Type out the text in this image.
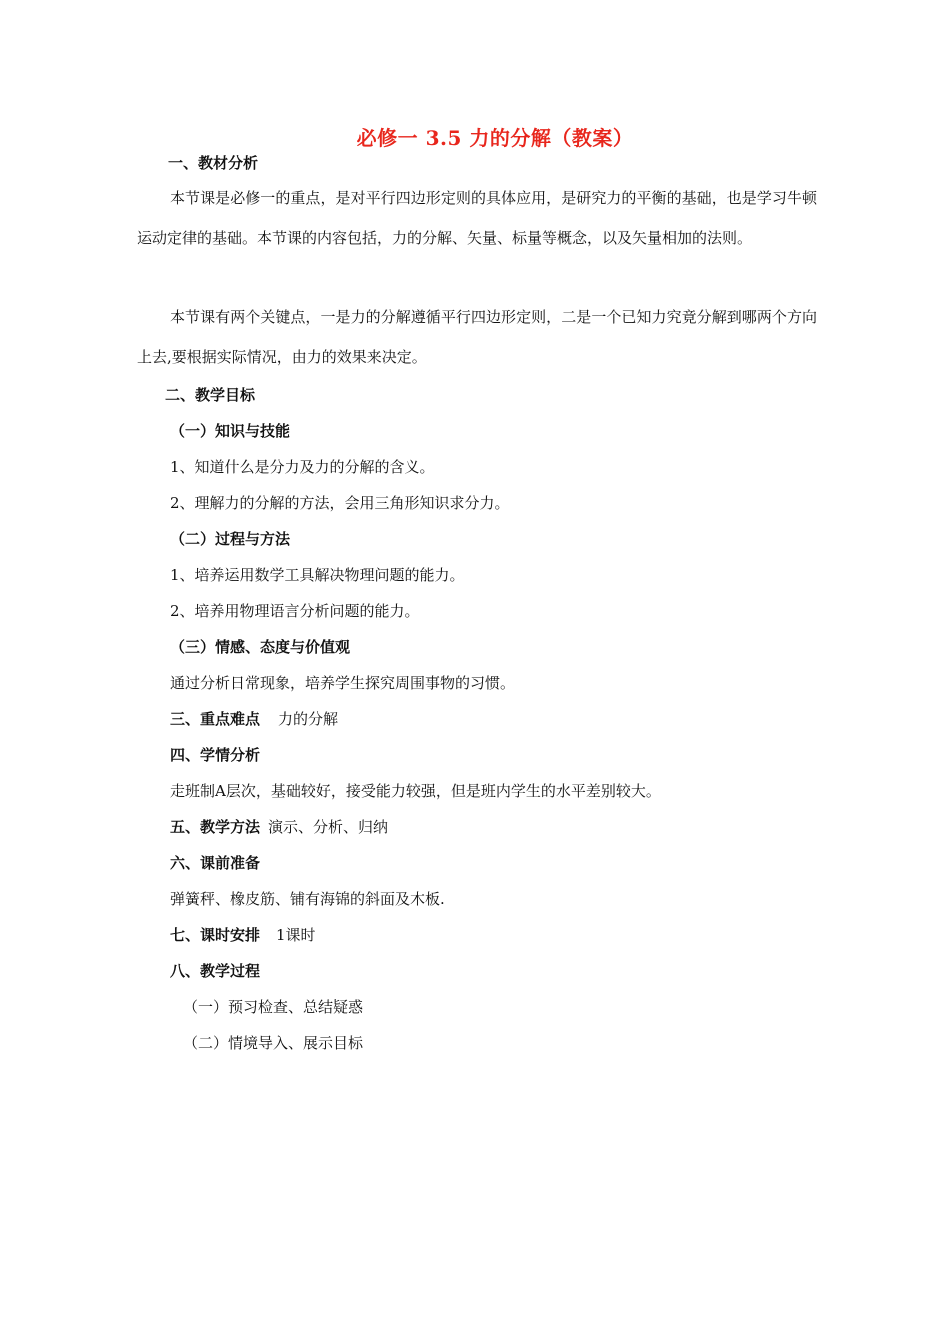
必修一 3.5 力的分解（教案）
一、教材分析
本节课是必修一的重点，是对平行四边形定则的具体应用，是研究力的平衡的基础，也是学习牛顿运动定律的基础。本节课的内容包括，力的分解、矢量、标量等概念，以及矢量相加的法则。
本节课有两个关键点，一是力的分解遵循平行四边形定则，二是一个已知力究竟分解到哪两个方向上去,要根据实际情况，由力的效果来决定。
二、教学目标
（一）知识与技能
1、知道什么是分力及力的分解的含义。
2、理解力的分解的方法，会用三角形知识求分力。
（二）过程与方法
1、培养运用数学工具解决物理问题的能力。
2、培养用物理语言分析问题的能力。
（三）情感、态度与价值观
通过分析日常现象，培养学生探究周围事物的习惯。
三、重点难点 力的分解
四、学情分析
走班制A层次，基础较好，接受能力较强，但是班内学生的水平差别较大。
五、教学方法 演示、分析、归纳
六、课前准备
弹簧秤、橡皮筋、铺有海锦的斜面及木板.
七、课时安排 1课时
八、教学过程
（一）预习检查、总结疑惑
（二）情境导入、展示目标
